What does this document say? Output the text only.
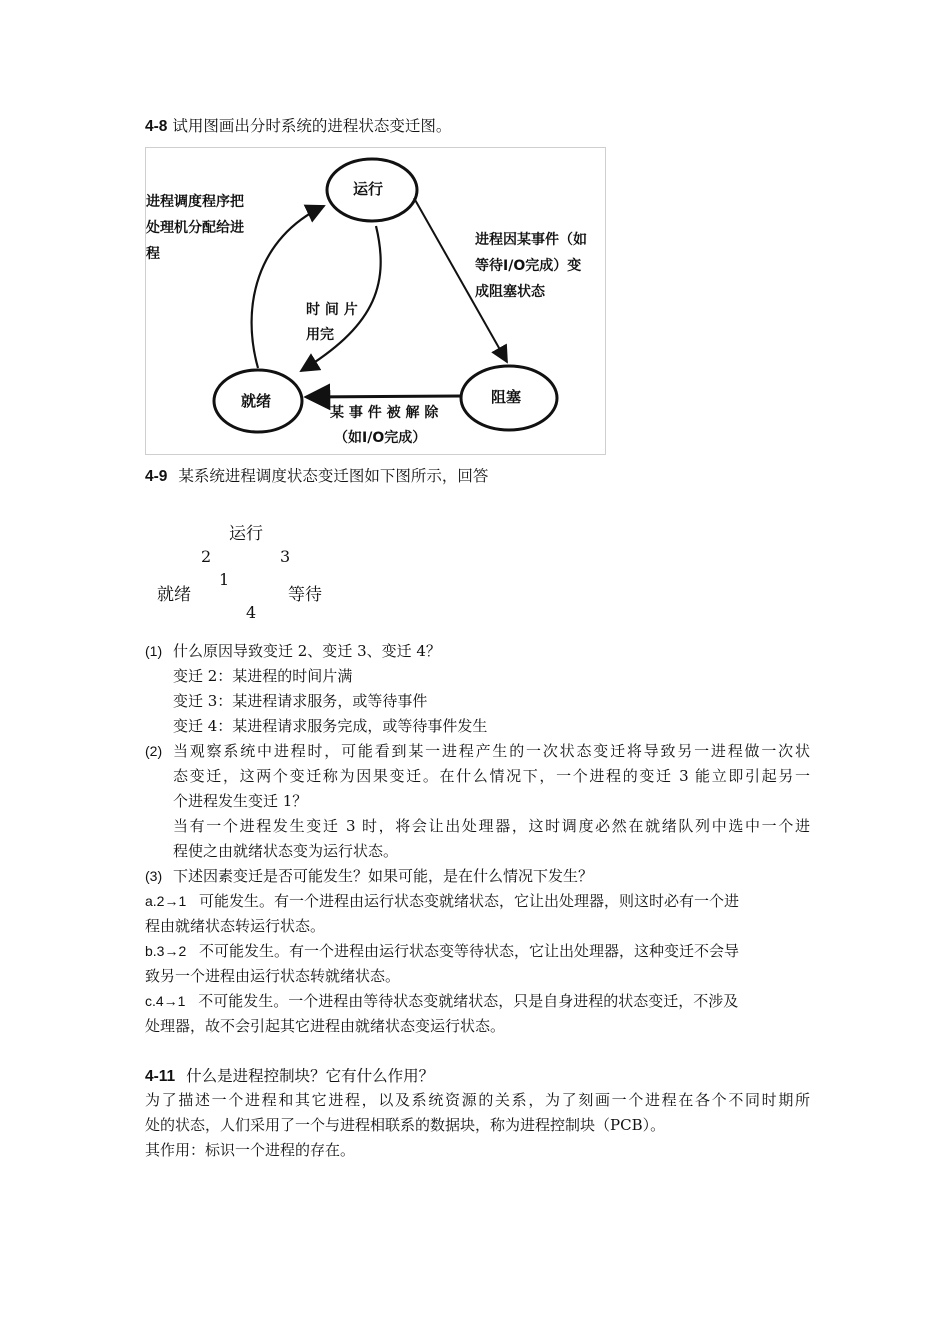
4-8 试用图画出分时系统的进程状态变迁图。
运行
就绪	阻塞
进程调度程序把
处理机分配给进
程
时 间 片
用完
进程因某事件（如
等待I/O完成）变
成阻塞状态
某 事 件 被 解 除
（如I/O完成）
4-9 某系统进程调度状态变迁图如下图所示，回答
运行
2	3
1
就绪	等待
4
(1) 什么原因导致变迁 2、变迁 3、变迁 4？
变迁 2：某进程的时间片满
变迁 3：某进程请求服务，或等待事件
变迁 4：某进程请求服务完成，或等待事件发生
(2) 当观察系统中进程时，可能看到某一进程产生的一次状态变迁将导致另一进程做一次状
态变迁，这两个变迁称为因果变迁。在什么情况下，一个进程的变迁 3 能立即引起另一
个进程发生变迁 1？
当有一个进程发生变迁 3 时，将会让出处理器，这时调度必然在就绪队列中选中一个进
程使之由就绪状态变为运行状态。
(3) 下述因素变迁是否可能发生？如果可能，是在什么情况下发生？
a.2→1 可能发生。有一个进程由运行状态变就绪状态，它让出处理器，则这时必有一个进
程由就绪状态转运行状态。
b.3→2 不可能发生。有一个进程由运行状态变等待状态，它让出处理器，这种变迁不会导
致另一个进程由运行状态转就绪状态。
c.4→1 不可能发生。一个进程由等待状态变就绪状态，只是自身进程的状态变迁，不涉及
处理器，故不会引起其它进程由就绪状态变运行状态。
4-11 什么是进程控制块？它有什么作用？
为了描述一个进程和其它进程，以及系统资源的关系，为了刻画一个进程在各个不同时期所
处的状态，人们采用了一个与进程相联系的数据块，称为进程控制块（PCB）。
其作用：标识一个进程的存在。
